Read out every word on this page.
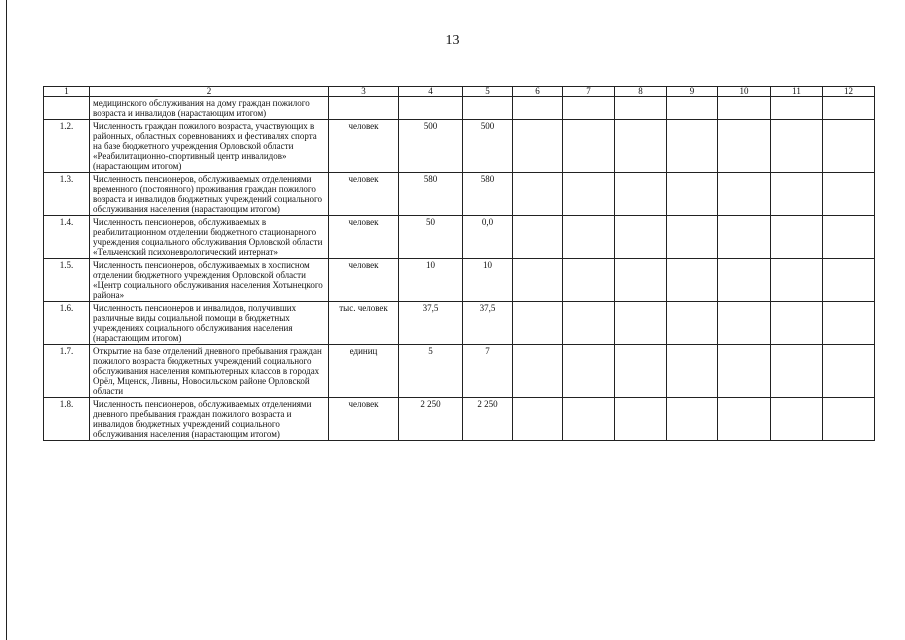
13
1	2	3	4	5	6	7	8	9	10	11	12
	медицинского обслуживания на дому граждан пожилого возраста и инвалидов (нарастающим итогом)										
1.2.	Численность граждан пожилого возраста, участвующих в районных, областных соревнованиях и фестивалях спорта на базе бюджетного учреждения Орловской области «Реабилитационно-спортивный центр инвалидов» (нарастающим итогом)	человек	500	500							
1.3.	Численность пенсионеров, обслуживаемых отделениями временного (постоянного) проживания граждан пожилого возраста и инвалидов бюджетных учреждений социального обслуживания населения (нарастающим итогом)	человек	580	580							
1.4.	Численность пенсионеров, обслуживаемых в реабилитационном отделении бюджетного стационарного учреждения социального обслуживания Орловской области «Тельченский психоневрологический интернат»	человек	50	0,0							
1.5.	Численность пенсионеров, обслуживаемых в хосписном отделении бюджетного учреждения Орловской области «Центр социального обслуживания населения Хотынецкого района»	человек	10	10							
1.6.	Численность пенсионеров и инвалидов, получивших различные виды социальной помощи в бюджетных учреждениях социального обслуживания населения (нарастающим итогом)	тыс. человек	37,5	37,5							
1.7.	Открытие на базе отделений дневного пребывания граждан пожилого возраста бюджетных учреждений социального обслуживания населения компьютерных классов в городах Орёл, Мценск, Ливны, Новосильском районе Орловской области	единиц	5	7							
1.8.	Численность пенсионеров, обслуживаемых отделениями дневного пребывания граждан пожилого возраста и инвалидов бюджетных учреждений социального обслуживания населения (нарастающим итогом)	человек	2 250	2 250							
